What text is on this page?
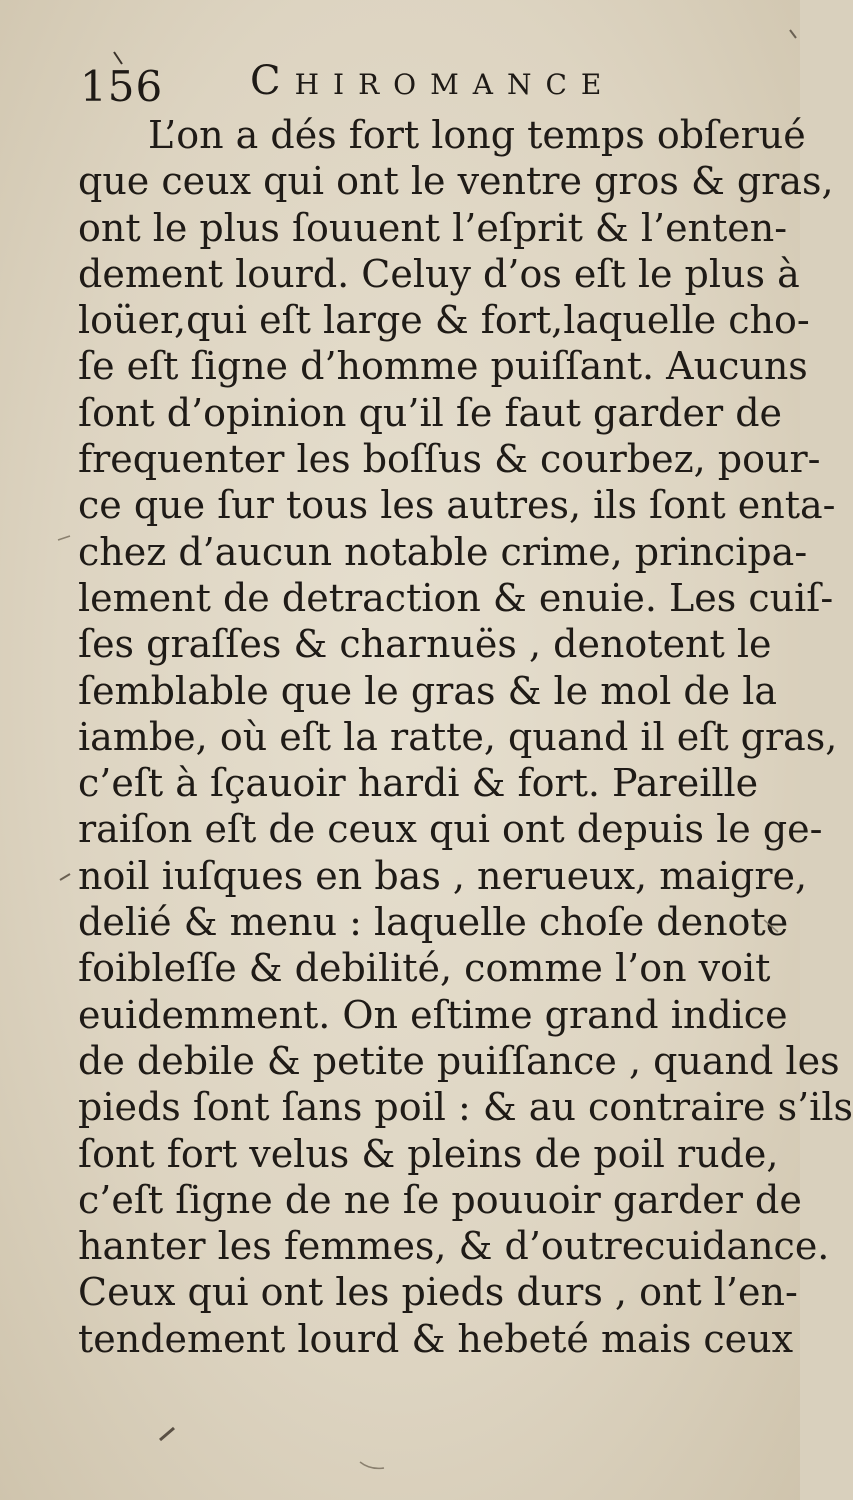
156 Chiromance
L’on a dés fort long temps obſerué
que ceux qui ont le ventre gros & gras,
ont le plus ſouuent l’eſprit & l’enten-
dement lourd. Celuy d’os eſt le plus à
loüer,qui eſt large & fort,laquelle cho-
ſe eſt ſigne d’homme puiſſant. Aucuns
ſont d’opinion qu’il ſe faut garder de
frequenter les boſſus & courbez, pour-
ce que ſur tous les autres, ils ſont enta-
chez d’aucun notable crime, principa-
lement de detraction & enuie. Les cuiſ-
ſes graſſes & charnuës , denotent le
ſemblable que le gras & le mol de la
iambe, où eſt la ratte, quand il eſt gras,
c’eſt à ſçauoir hardi & fort. Pareille
raiſon eſt de ceux qui ont depuis le ge-
noil iuſques en bas , nerueux, maigre,
delié & menu : laquelle choſe denote
foibleſſe & debilité, comme l’on voit
euidemment. On eſtime grand indice
de debile & petite puiſſance , quand les
pieds ſont ſans poil : & au contraire s’ils
ſont fort velus & pleins de poil rude,
c’eſt ſigne de ne ſe pouuoir garder de
hanter les femmes, & d’outrecuidance.
Ceux qui ont les pieds durs , ont l’en-
tendement lourd & hebeté mais ceux
